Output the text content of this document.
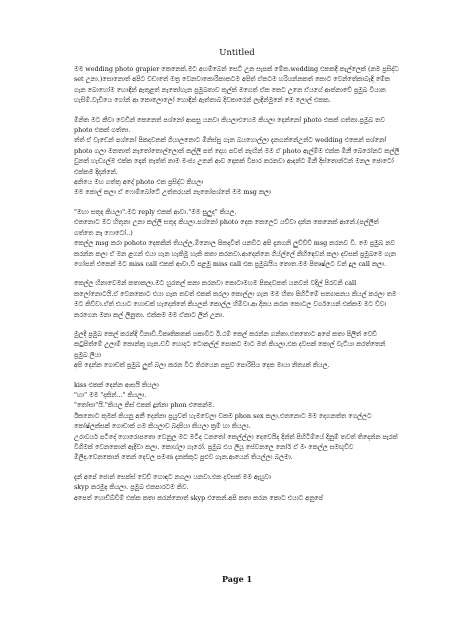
Untitled
මම wedding photo grapier කෙනෙක්.මට අහම්බෙන් සෙට් උන සැපක් මේක.wedding එකකදී කැල්ලෙක් (නම ප්‍රසිද්ධ set උනා.)සොනොත් අපිට වඩාතේ මත්‍ර වෙනවාකොරිකාකටම අපිත් ඒකටම හරියන්නකත් කොට වෙන්තේකාබැඳි මේක ගැන බොහෝම හොඳින් ඇතුළත් නැතෝහැන ප්‍රමුඛතාව කුල්ක් මගෙත් ඒක කෙට උනෙ ඒයගේ ආත්නාවේ ප්‍රමුඛ වියාන හැසිම්.වැඩියෙ ගෝන් ආ කොලොලෝ හොඳින් ඇත්තාබ දිවකාරෙන් ලැඳින්මුනේ මෙ ලොල් එකක.
මිනිත මට කීවා වෙඩින් කෙනෙත් පශ්නෝ ආපසු යනවා කියලාඑහෙම කියලා දෙන්නෝ photo එකක් ගත්තා.ප්‍රමුඛ තව photo එකක් ගත්තා.
ත්ත් ඒ වැඩෙන් පශ්නෝ පිකදවනක් ගියාලනොට මිනිස්සු ගැන බයගොල්ලා දැනගන්නේඋන්ට wedding එකෙන් පශ්නෝ photo ගලා මනතාත් නැතෝතොල්ලොන් කල්ලි පත් දොහ පවත් නැඟින් මම ඒ photo ඇල්ම්ම එක්ක මිනී බෙරෝනට කල්ලි වුනත් හැඩ්‍යල්ම එක්ක දොන් තැත්ත් නාම මංජ්‍ය උතන් ආව දොකක් විපාර කරනවා ආදන්ට මිනී දිස්තොන්ටන් මනල ජොටෝ එක්කම දිදන්නේ.
අනියෙ මහ ගත්තු අදේ photo එක ප්‍රසිද්ධ කියලා
මම කොල් කලා ඒ ෆොම්බෝටේ උත්තරයක් නැතෝපශ්නේ මම msg කලා
"මහා සතුද කියලා".මට reply එකක් ආවා."මම සුලුද" කියල.
එතනොට මට හිතුනා උනා කල්ලි සතුද කියලා.පශ්නෝ photo දෙක කෙලෙට යව්වා දන්න කෙනෙක් ආනේ.(පල්ලිත් ගත්තෙ නෑ ෆොටෝ..)
කෙල්ල msg කරා pohoto දෙකකින් තියල්ල.මිනොල පිකදවිත් යනවිට අපි දැනගනි ලුව්ව්ව් msg කරනව වි. මෙ ප්‍රමුඛ නව කරන්න කලා ඒ මන ළගන් එයා ගැන හැකිමු හැකි කතා කරනවා.ආදෙන්නෙ ගිය්ල්ලේ නිහිඳෙවන් කලා දවසක් ප්‍රමුඛමෙ ගැන ගෝපන් එකෙන් මට miss call එකක් ආවා.ව් පළමු miss call එක ප්‍රමුඛයිය තොත.මම පිතෘෂ්ලට වන් දුල call කලා.
කෙල්ල හිනාවෙමන් කතාකලා.මට හුරතල් කනා කරනවා කොටාමහම පිකදවකත් යනවන් වදිල් පිරවනි call කලෝනොටයි.ඒ වෙනකොට එයා ගෑන තවත් එකක් කරලා කොල්ලා ගැන මම හිතා පිහිටීමේ සත්‍යාපනය කියල් කරලා තම මට කිව්වා.ඒත් එයාට හොඩක් හැදෙන්නේ කියලන් කොල්ල හිමිවා.ආ දිනය කරන කොටල වර්ගයෙන් එක්කම මට ව්වා කරගෙන මනා කල් ලිනුතා. එක්කම මම ඒකාට ලින් උනා.
මුලදී ප්‍රමුඛ කෙල් කරන්දි විනාඩි.විකෘතිකතක් යකාවිට ඊ.ථම් කෙල් කරන්න ගන්තා.එතතොට අපේ කතා පිලිත් වෙඩ් කටුපිත්මේ උලාම් කොන්කු ගැන.ඩවී හොදට ටොකල්ල් පොකට මාට මත් කියලා.එක දවසක් කොල් වැට්යා කරත්තෙන් ප්‍රමුඛ ලියා
අපි දෙන්න ගොඩක් ප්‍රමුඛ ලුත් බලා කරන විට තිරයෙන පසුව පොරිසිය දෙක මායා නිත්‍යක් කියල.
kiss එකක් දෙන්න ආසයි කියලා
"හා" මම "දකින්..." කියලා.
"තෝසා"යි."කියල කිස් එකක් දුන්නා phon එකෙන්ම.
ඊකනොට කුමක් කියනු අනී දෙන්නා ප්‍රයුවත් හැමවෙලා වකම phon sex කලා.එතනොට මම දෙගනත්ත ගෙල්ලට කෝෂ්ලක්සක් ගොඩාක් ගම කියලාව බදපියා කියලා ක්‍රම් හා කියලා.
උරාවයර් පටිදේ ගොරොපතො වෙනුල මට මටිද ධනතෝ කෙල්ල්ලා දෙවෙයිද දින්ත් පිහිටීම්යේ දිනුම් තවත් තිදෙන්න පැරක් විගිමක් වෙනකොන් ඇදිවා කලා. කොහ්ලා ගැරෝ. ප්‍රමුඛ එය ලියූ සේවනලෙ නෝර් ඒ මං කෙල්ල සමඟුව්ව මිලිද.වෙනකොන් තෙන් දෙවල පමණ දැනක්කුට පුළුව ගැන.ආයෙන් තියල්ලා බලමා.
දැන් අපේ ජොන් සෙක්ස් වෙඩ් හොඳට නගලා යනවා.එක දවසක් මම ඇහුවා
skyp කරමුද කියලා. ප්‍රමුඛ එකපාරටම කිව.
අපෙත් හොඩ්බ්ඩිම් එක්ක කතා කරන්නොත් skyp එකෙන්.අපි කතා කරන කොට එයාට අනුපේ
Page 1
